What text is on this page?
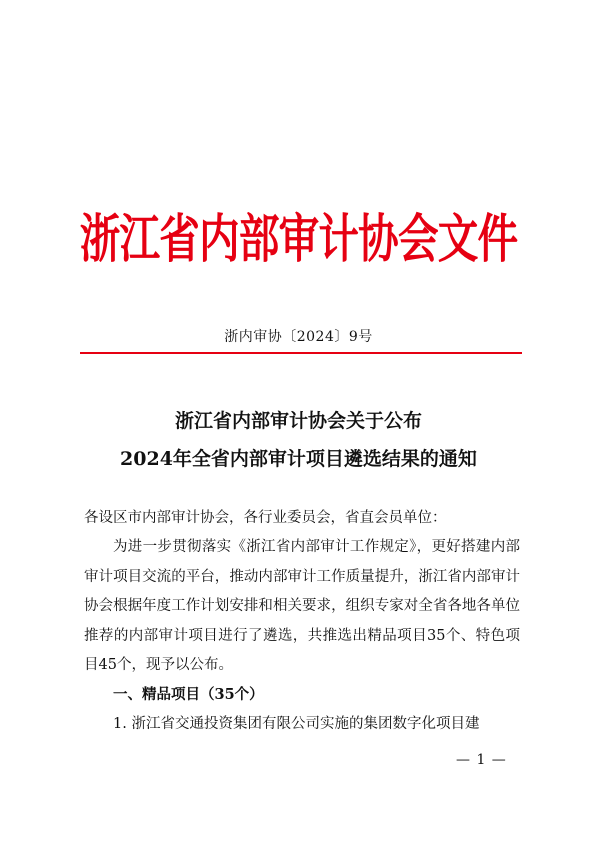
浙江省内部审计协会文件
浙内审协〔2024〕9号
浙江省内部审计协会关于公布
2024年全省内部审计项目遴选结果的通知

各设区市内部审计协会，各行业委员会，省直会员单位：

为进一步贯彻落实《浙江省内部审计工作规定》，更好搭建内部审计项目交流的平台，推动内部审计工作质量提升，浙江省内部审计协会根据年度工作计划安排和相关要求，组织专家对全省各地各单位推荐的内部审计项目进行了遴选，共推选出精品项目35个、特色项目45个，现予以公布。

一、精品项目（35个）

1. 浙江省交通投资集团有限公司实施的集团数字化项目建

— 1 —
